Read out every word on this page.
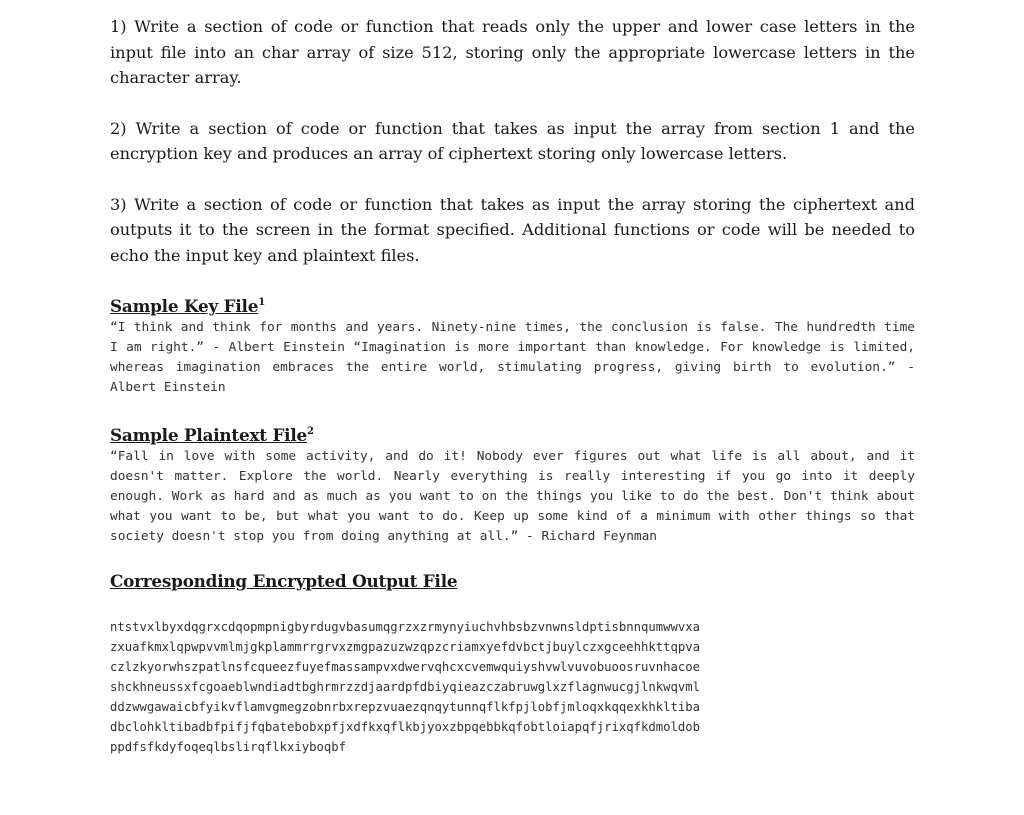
1) Write a section of code or function that reads only the upper and lower case letters in the input file into an char array of size 512, storing only the appropriate lowercase letters in the character array.

2) Write a section of code or function that takes as input the array from section 1 and the encryption key and produces an array of ciphertext storing only lowercase letters.

3) Write a section of code or function that takes as input the array storing the ciphertext and outputs it to the screen in the format specified. Additional functions or code will be needed to echo the input key and plaintext files.

Sample Key File$^1$

“I think and think for months and years. Ninety-nine times, the conclusion is false. The hundredth time I am right.” - Albert Einstein “Imagination is more important than knowledge. For knowledge is limited, whereas imagination embraces the entire world, stimulating progress, giving birth to evolution.” - Albert Einstein

Sample Plaintext File$^2$

“Fall in love with some activity, and do it! Nobody ever figures out what life is all about, and it doesn't matter. Explore the world. Nearly everything is really interesting if you go into it deeply enough. Work as hard and as much as you want to on the things you like to do the best. Don't think about what you want to be, but what you want to do. Keep up some kind of a minimum with other things so that society doesn't stop you from doing anything at all.” - Richard Feynman

Corresponding Encrypted Output File
ntstvxlbyxdqgrxcdqopmpnigbyrdugvbasumqgrzxzrmynyiuchvhbsbzvnwnsldptisbnnqumwwvxa
zxuafkmxlqpwpvvmlmjgkplammrrgrvxzmgpazuzwzqpzcriamxyefdvbctjbuylczxgceehhkttqpva
czlzkyorwhszpatlnsfcqueezfuyefmassampvxdwervqhcxcvemwquiyshvwlvuvobuoosruvnhacoe
shckhneussxfcgoaeblwndiadtbghrmrzzdjaardpfdbiyqieazczabruwglxzflagnwucgjlnkwqvml
ddzwwgawaicbfyikvflamvgmegzobnrbxrepzvuaezqnqytunnqflkfpjlobfjmloqxkqqexkhkltiba
dbclohkltibadbfpifjfqbatebobxpfjxdfkxqflkbjyoxzbpqebbkqfobtloiapqfjrixqfkdmoldob
ppdfsfkdyfoqeqlbslirqflkxiyboqbf
